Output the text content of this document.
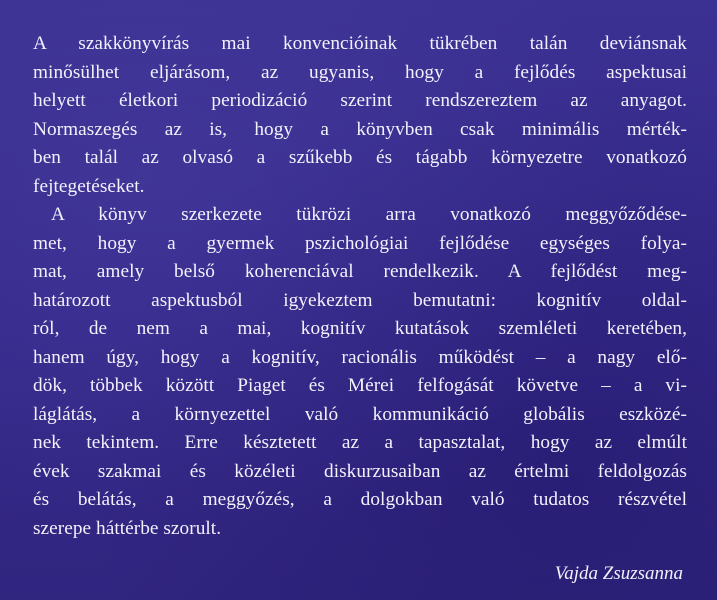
A szakkönyvírás mai konvencióinak tükrében talán deviánsnak
minősülhet eljárásom, az ugyanis, hogy a fejlődés aspektusai
helyett életkori periodizáció szerint rendszereztem az anyagot.
Normaszegés az is, hogy a könyvben csak minimális mérték-
ben talál az olvasó a szűkebb és tágabb környezetre vonatkozó
fejtegetéseket.

A könyv szerkezete tükrözi arra vonatkozó meggyőződése-
met, hogy a gyermek pszichológiai fejlődése egységes folya-
mat, amely belső koherenciával rendelkezik. A fejlődést meg-
határozott aspektusból igyekeztem bemutatni: kognitív oldal-
ról, de nem a mai, kognitív kutatások szemléleti keretében,
hanem úgy, hogy a kognitív, racionális működést – a nagy elő-
dök, többek között Piaget és Mérei felfogását követve – a vi-
láglátás, a környezettel való kommunikáció globális eszközé-
nek tekintem. Erre késztetett az a tapasztalat, hogy az elmúlt
évek szakmai és közéleti diskurzusaiban az értelmi feldolgozás
és belátás, a meggyőzés, a dolgokban való tudatos részvétel
szerepe háttérbe szorult.

Vajda Zsuzsanna
